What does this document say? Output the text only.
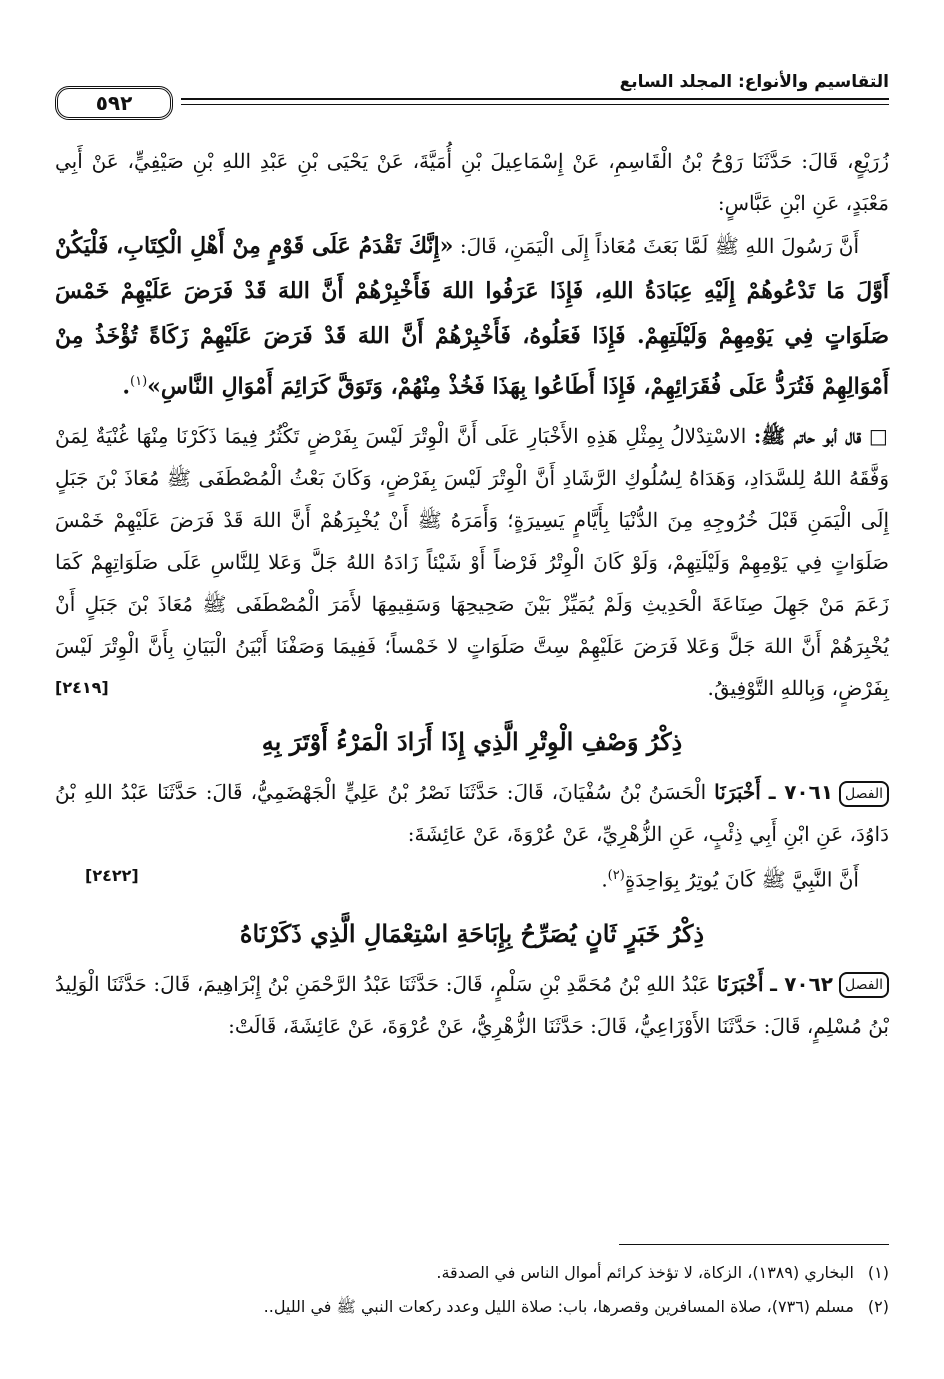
التقاسيم والأنواع: المجلد السابع
٥٩٢

زُرَيْعٍ، قَالَ: حَدَّثَنَا رَوْحُ بْنُ الْقَاسِمِ، عَنْ إِسْمَاعِيلَ بْنِ أُمَيَّةَ، عَنْ يَحْيَى بْنِ عَبْدِ اللهِ بْنِ صَيْفِيٍّ، عَنْ أَبِي مَعْبَدٍ، عَنِ ابْنِ عَبَّاسٍ:

أَنَّ رَسُولَ اللهِ ﷺ لَمَّا بَعَثَ مُعَاذاً إِلَى الْيَمَنِ، قَالَ: «إِنَّكَ تَقْدَمُ عَلَى قَوْمٍ مِنْ أَهْلِ الْكِتَابِ، فَلْيَكُنْ أَوَّلَ مَا تَدْعُوهُمْ إِلَيْهِ عِبَادَةُ اللهِ، فَإِذَا عَرَفُوا اللهَ فَأَخْبِرْهُمْ أَنَّ اللهَ قَدْ فَرَضَ عَلَيْهِمْ خَمْسَ صَلَوَاتٍ فِي يَوْمِهِمْ وَلَيْلَتِهِمْ. فَإِذَا فَعَلُوهُ، فَأَخْبِرْهُمْ أَنَّ اللهَ قَدْ فَرَضَ عَلَيْهِمْ زَكَاةً تُؤْخَذُ مِنْ أَمْوَالِهِمْ فَتُرَدُّ عَلَى فُقَرَائِهِمْ، فَإِذَا أَطَاعُوا بِهَذَا فَخُذْ مِنْهُمْ، وَتَوَقَّ كَرَائِمَ أَمْوَالِ النَّاسِ»$^{(١)}$.

□ قال أبو حاتم ﷺ: الاسْتِدْلالُ بِمِثْلِ هَذِهِ الأَخْبَارِ عَلَى أَنَّ الْوِتْرَ لَيْسَ بِفَرْضٍ تَكْثُرُ فِيمَا ذَكَرْنَا مِنْهَا غُنْيَةٌ لِمَنْ وَفَّقَهُ اللهُ لِلسَّدَادِ، وَهَدَاهُ لِسُلُوكِ الرَّشَادِ أَنَّ الْوِتْرَ لَيْسَ بِفَرْضٍ، وَكَانَ بَعْثُ الْمُصْطَفَى ﷺ مُعَاذَ بْنَ جَبَلٍ إِلَى الْيَمَنِ قَبْلَ خُرُوجِهِ مِنَ الدُّنْيَا بِأَيَّامٍ يَسِيرَةٍ؛ وَأَمَرَهُ ﷺ أَنْ يُخْبِرَهُمْ أَنَّ اللهَ قَدْ فَرَضَ عَلَيْهِمْ خَمْسَ صَلَوَاتٍ فِي يَوْمِهِمْ وَلَيْلَتِهِمْ، وَلَوْ كَانَ الْوِتْرُ فَرْضاً أَوْ شَيْئاً زَادَهُ اللهُ جَلَّ وَعَلا لِلنَّاسِ عَلَى صَلَوَاتِهِمْ كَمَا زَعَمَ مَنْ جَهِلَ صِنَاعَةَ الْحَدِيثِ وَلَمْ يُمَيِّزْ بَيْنَ صَحِيحِهَا وَسَقِيمِهَا لأَمَرَ الْمُصْطَفَى ﷺ مُعَاذَ بْنَ جَبَلٍ أَنْ يُخْبِرَهُمْ أَنَّ اللهَ جَلَّ وَعَلا فَرَضَ عَلَيْهِمْ سِتَّ صَلَوَاتٍ لا خَمْساً؛ فَفِيمَا وَصَفْنَا أَبْيَنُ الْبَيَانِ بِأَنَّ الْوِتْرَ لَيْسَ بِفَرْضٍ، وَبِاللهِ التَّوْفِيقُ.
[٢٤١٩]

ذِكْرُ وَصْفِ الْوِتْرِ الَّذِي إِذَا أَرَادَ الْمَرْءُ أَوْتَرَ بِهِ

الفصل٧٠٦١ ـ أَخْبَرَنَا الْحَسَنُ بْنُ سُفْيَانَ، قَالَ: حَدَّثَنَا نَصْرُ بْنُ عَلِيٍّ الْجَهْضَمِيُّ، قَالَ: حَدَّثَنَا عَبْدُ اللهِ بْنُ دَاوُدَ، عَنِ ابْنِ أَبِي ذِئْبٍ، عَنِ الزُّهْرِيِّ، عَنْ عُرْوَةَ، عَنْ عَائِشَةَ:

أَنَّ النَّبِيَّ ﷺ كَانَ يُوتِرُ بِوَاحِدَةٍ$^{(٢)}$.
[٢٤٢٢]

ذِكْرُ خَبَرٍ ثَانٍ يُصَرِّحُ بِإِبَاحَةِ اسْتِعْمَالِ الَّذِي ذَكَرْنَاهُ

الفصل٧٠٦٢ ـ أَخْبَرَنَا عَبْدُ اللهِ بْنُ مُحَمَّدِ بْنِ سَلْمٍ، قَالَ: حَدَّثَنَا عَبْدُ الرَّحْمَنِ بْنُ إِبْرَاهِيمَ، قَالَ: حَدَّثَنَا الْوَلِيدُ بْنُ مُسْلِمٍ، قَالَ: حَدَّثَنَا الأَوْزَاعِيُّ، قَالَ: حَدَّثَنَا الزُّهْرِيُّ، عَنْ عُرْوَةَ، عَنْ عَائِشَةَ، قَالَتْ:

(١)البخاري (١٣٨٩)، الزكاة، لا تؤخذ كرائم أموال الناس في الصدقة.

(٢)مسلم (٧٣٦)، صلاة المسافرين وقصرها، باب: صلاة الليل وعدد ركعات النبي ﷺ في الليل..
